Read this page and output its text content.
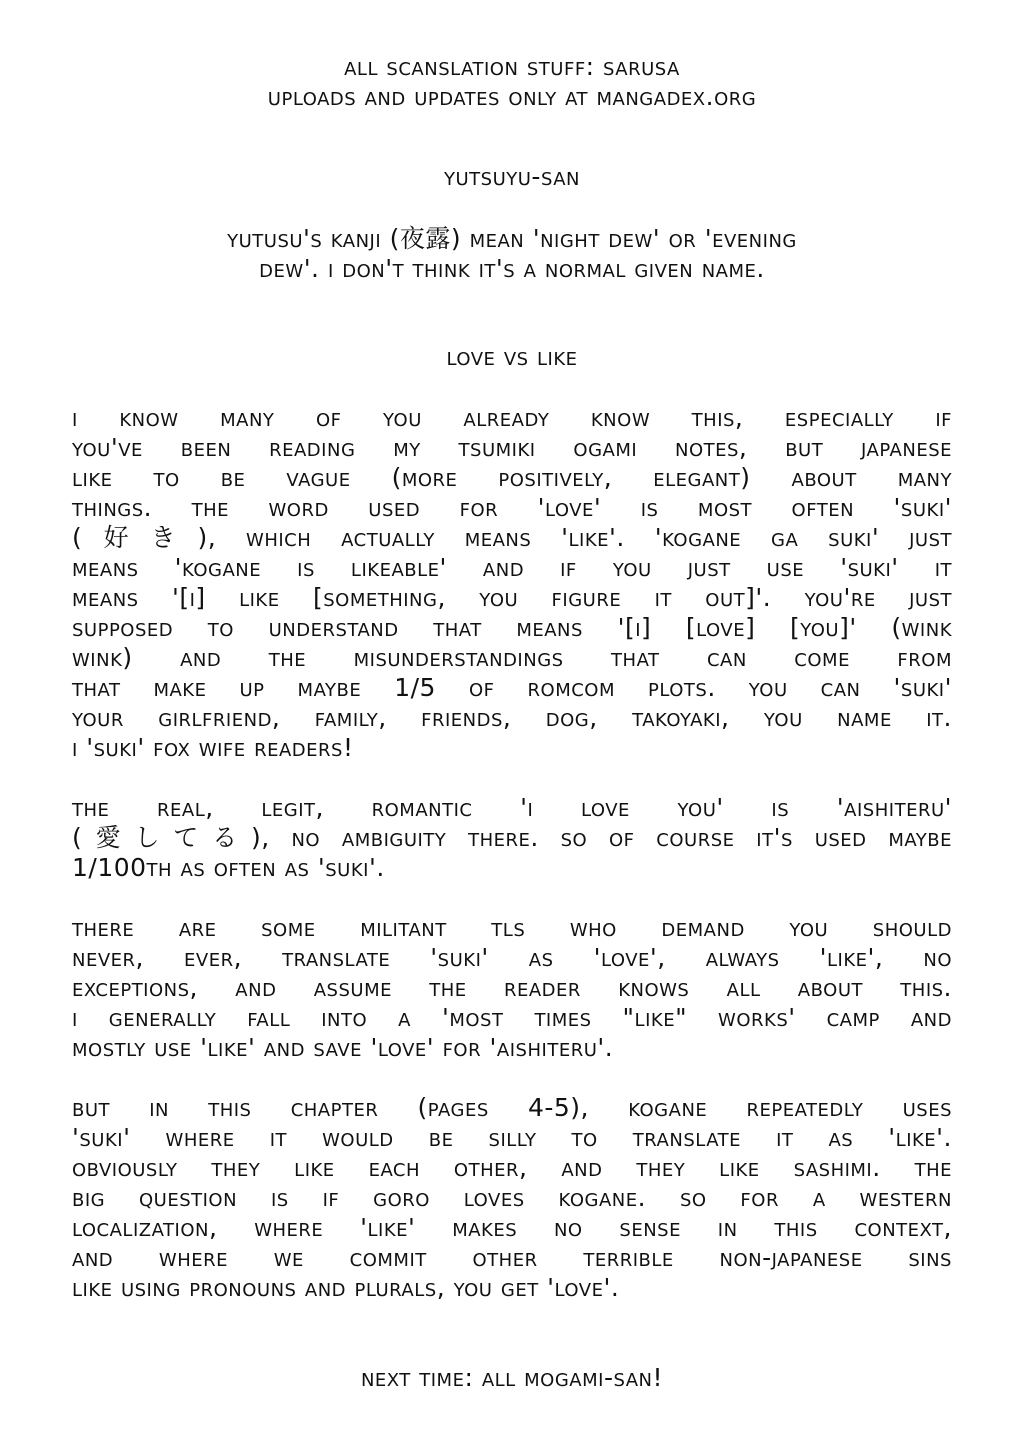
all scanslation stuff: sarusa
uploads and updates only at mangadex.org
yutsuyu-san
yutusu's kanji (夜露) mean 'night dew' or 'evening
dew'. i don't think it's a normal given name.
love vs like
i know many of you already know this, especially if
you've been reading my tsumiki ogami notes, but japanese
like to be vague (more positively, elegant) about many
things. the word used for 'love' is most often 'suki'
(好き), which actually means 'like'. 'kogane ga suki' just
means 'kogane is likeable' and if you just use 'suki' it
means '[i] like [something, you figure it out]'. you're just
supposed to understand that means '[i] [love] [you]' (wink
wink) and the misunderstandings that can come from
that make up maybe 1/5 of romcom plots. you can 'suki'
your girlfriend, family, friends, dog, takoyaki, you name it.
i 'suki' fox wife readers!
the real, legit, romantic 'i love you' is 'aishiteru'
(愛してる), no ambiguity there. so of course it's used maybe
1/100th as often as 'suki'.
there are some militant tls who demand you should
never, ever, translate 'suki' as 'love', always 'like', no
exceptions, and assume the reader knows all about this.
i generally fall into a 'most times "like" works' camp and
mostly use 'like' and save 'love' for 'aishiteru'.
but in this chapter (pages 4-5), kogane repeatedly uses
'suki' where it would be silly to translate it as 'like'.
obviously they like each other, and they like sashimi. the
big question is if goro loves kogane. so for a western
localization, where 'like' makes no sense in this context,
and where we commit other terrible non-japanese sins
like using pronouns and plurals, you get 'love'.
next time: all mogami-san!
